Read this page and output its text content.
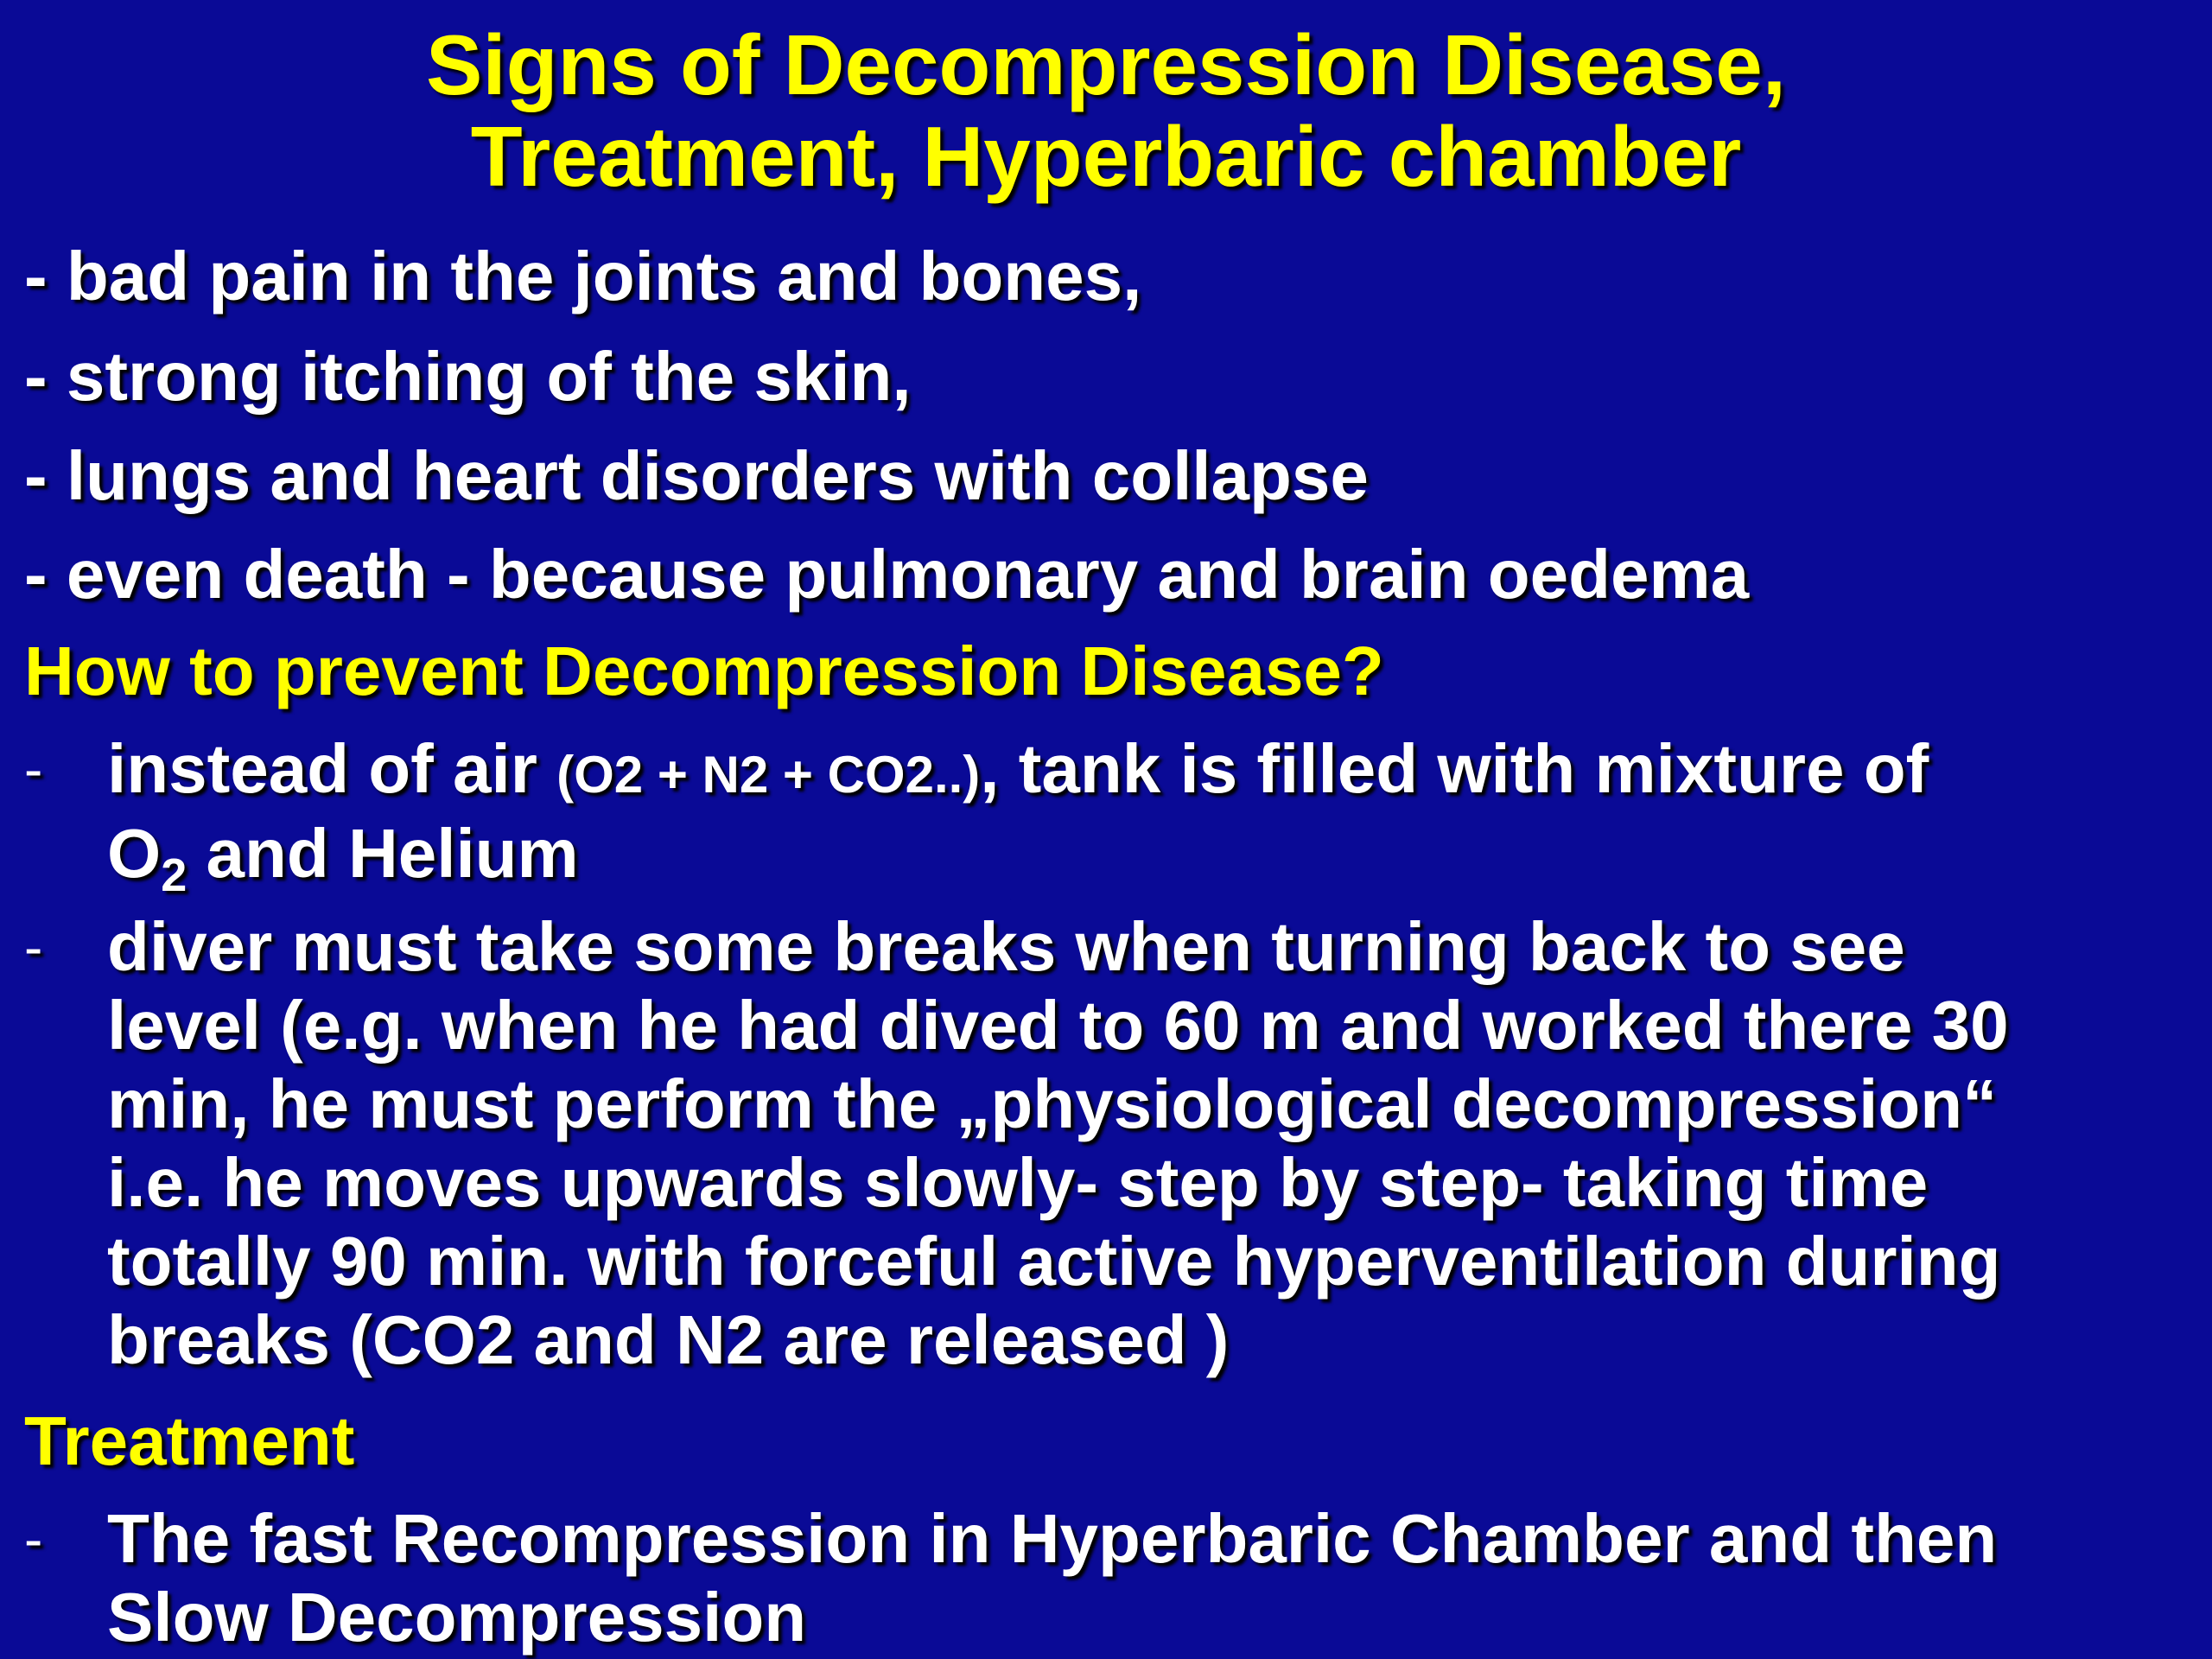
Signs of Decompression Disease,
Treatment, Hyperbaric chamber
- bad pain in the joints and bones,
- strong itching of the skin,
- lungs and heart disorders with collapse
- even death - because pulmonary and brain oedema
How to prevent Decompression Disease?
- instead of air (O2 + N2 + CO2..), tank is filled with mixture of
$O_2$ and Helium
- diver must take some breaks when turning back to see
level (e.g. when he had dived to 60 m and worked there 30
min, he must perform the „physiological decompression“
i.e. he moves upwards slowly- step by step- taking time
totally 90 min. with forceful active hyperventilation during
breaks (CO2 and N2 are released )
Treatment
- The fast Recompression in Hyperbaric Chamber and then
Slow Decompression
